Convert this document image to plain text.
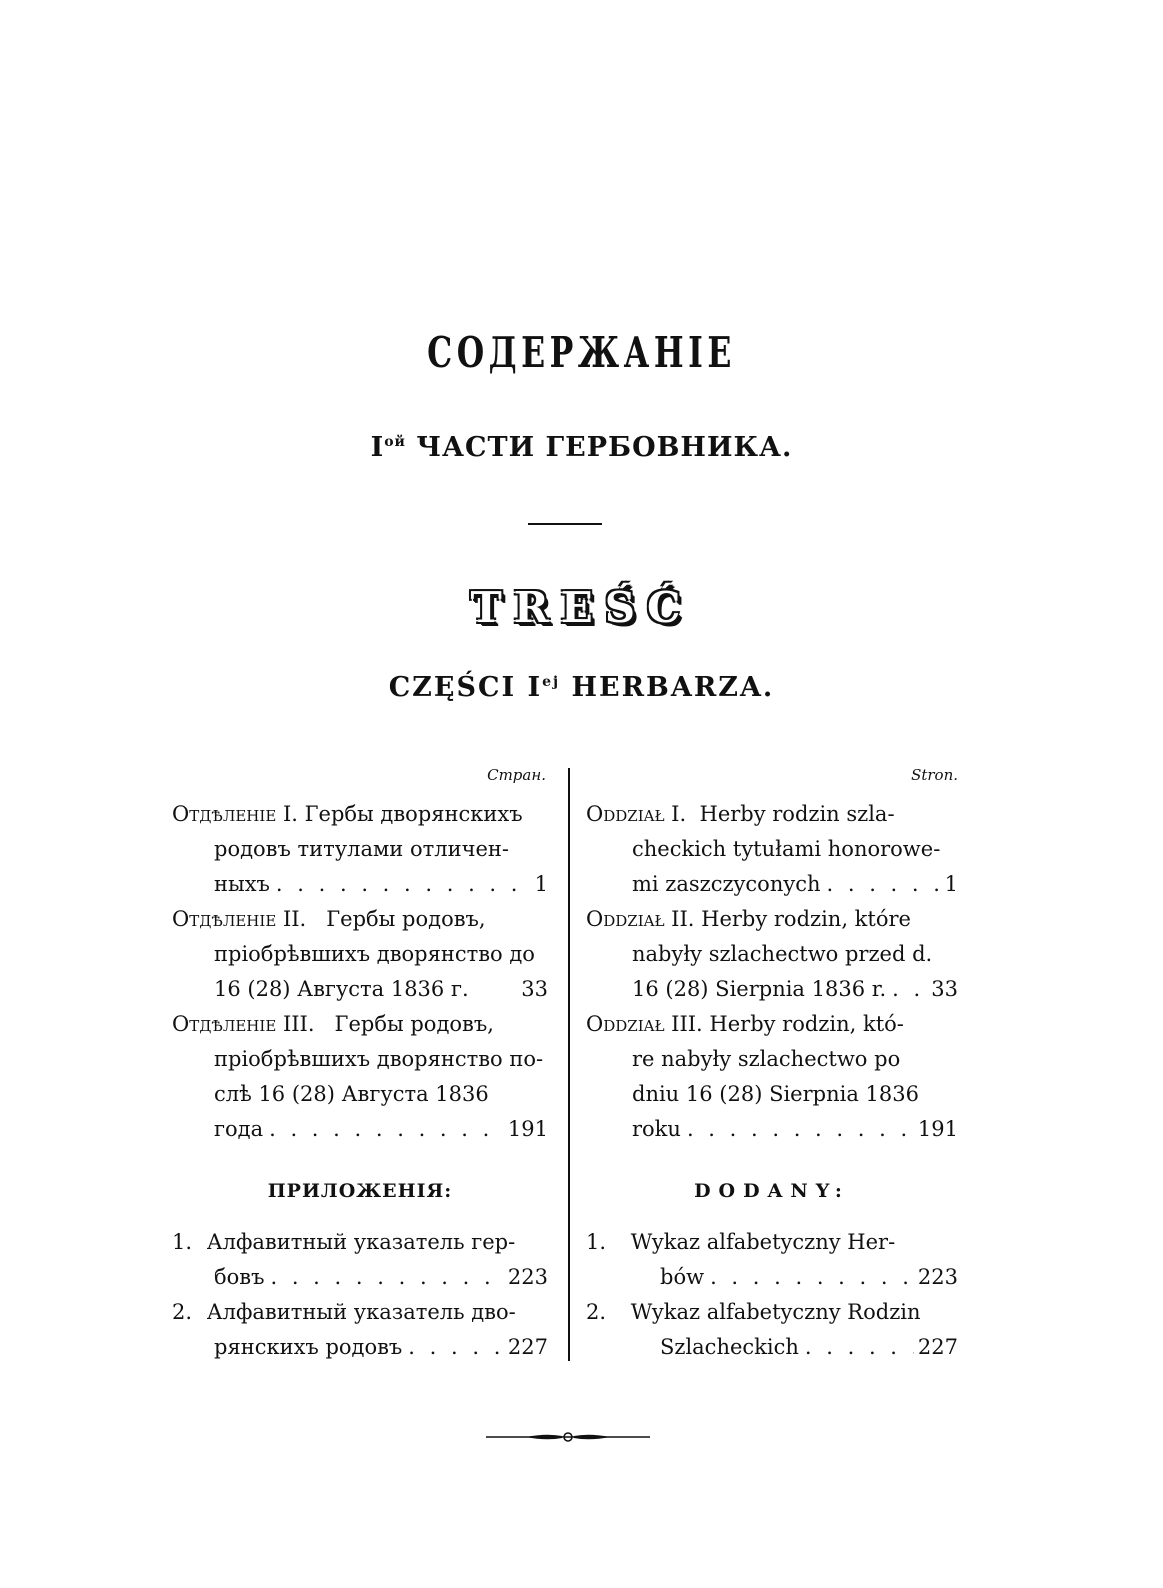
СОДЕРЖАНІЕ
$I^{ой}$ ЧАСТИ ГЕРБОВНИКА.
TREŚĆ
CZĘŚCI $I^{ej}$ HERBARZA.
Стран.	Stron.
Отдѣленіе I. Гербы дворянскихъ
родовъ титулами отличен-
ныхъ . . .	1
Отдѣленіе II. Гербы родовъ,
пріобрѣвшихъ дворянство до
16 (28) Августа 1836 г.	33
Отдѣленіе III. Гербы родовъ,
пріобрѣвшихъ дворянство по-
слѣ 16 (28) Августа 1836
года . . .	191
ПРИЛОЖЕНІЯ:
1. Алфавитный указатель гер-
бовъ . . .	223
2. Алфавитный указатель дво-
рянскихъ родовъ . . .	227
Oddział I. Herby rodzin szla-
checkich tytułami honorowe-
mi zaszczyconych . . .	1
Oddział II. Herby rodzin, które
nabyły szlachectwo przed d.
16 (28) Sierpnia 1836 r. . . . 33
Oddział III. Herby rodzin, któ-
re nabyły szlachectwo po
dniu 16 (28) Sierpnia 1836
roku . . .	191
DODANY:
1. Wykaz alfabetyczny Her-
bów . . .	223
2. Wykaz alfabetyczny Rodzin
Szlacheckich . . .	227
